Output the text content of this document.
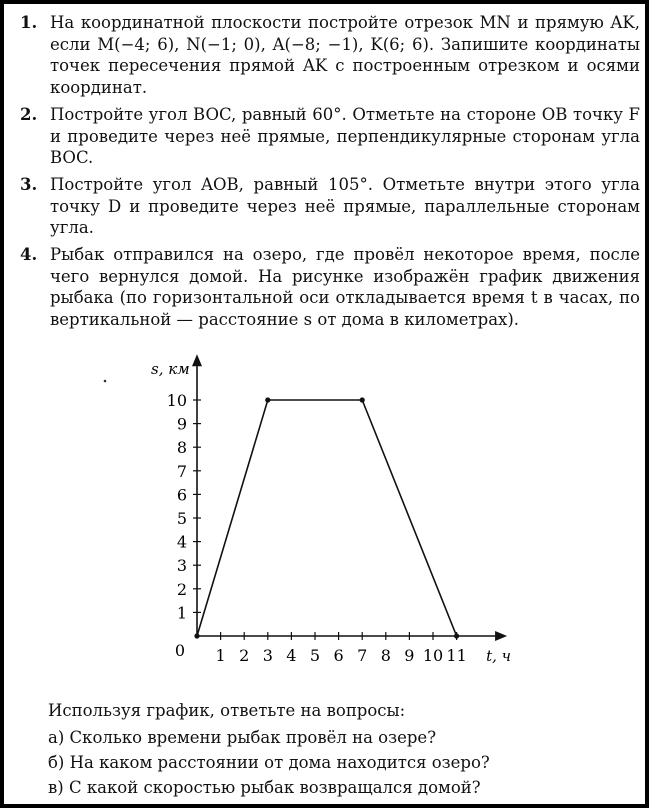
1. На координатной плоскости постройте отрезок MN и прямую AK, если M(−4; 6), N(−1; 0), A(−8; −1), K(6; 6). Запишите координаты точек пересечения прямой AK с построенным отрезком и осями координат.
2. Постройте угол BOC, равный 60°. Отметьте на стороне OB точку F и проведите через неё прямые, перпендикулярные сторонам угла BOC.
3. Постройте угол AOB, равный 105°. Отметьте внутри этого угла точку D и проведите через неё прямые, параллельные сторонам угла.
4. Рыбак отправился на озеро, где провёл некоторое время, после чего вернулся домой. На рисунке изображён график движения рыбака (по горизонтальной оси откладывается время t в часах, по вертикальной — расстояние s от дома в километрах).
1 2 3 4 5 6 7 8 9 10 11
1
2
3
4
5
6
7
8
9
10
0
s, км
t, ч
Используя график, ответьте на вопросы:
а) Сколько времени рыбак провёл на озере?
б) На каком расстоянии от дома находится озеро?
в) С какой скоростью рыбак возвращался домой?
